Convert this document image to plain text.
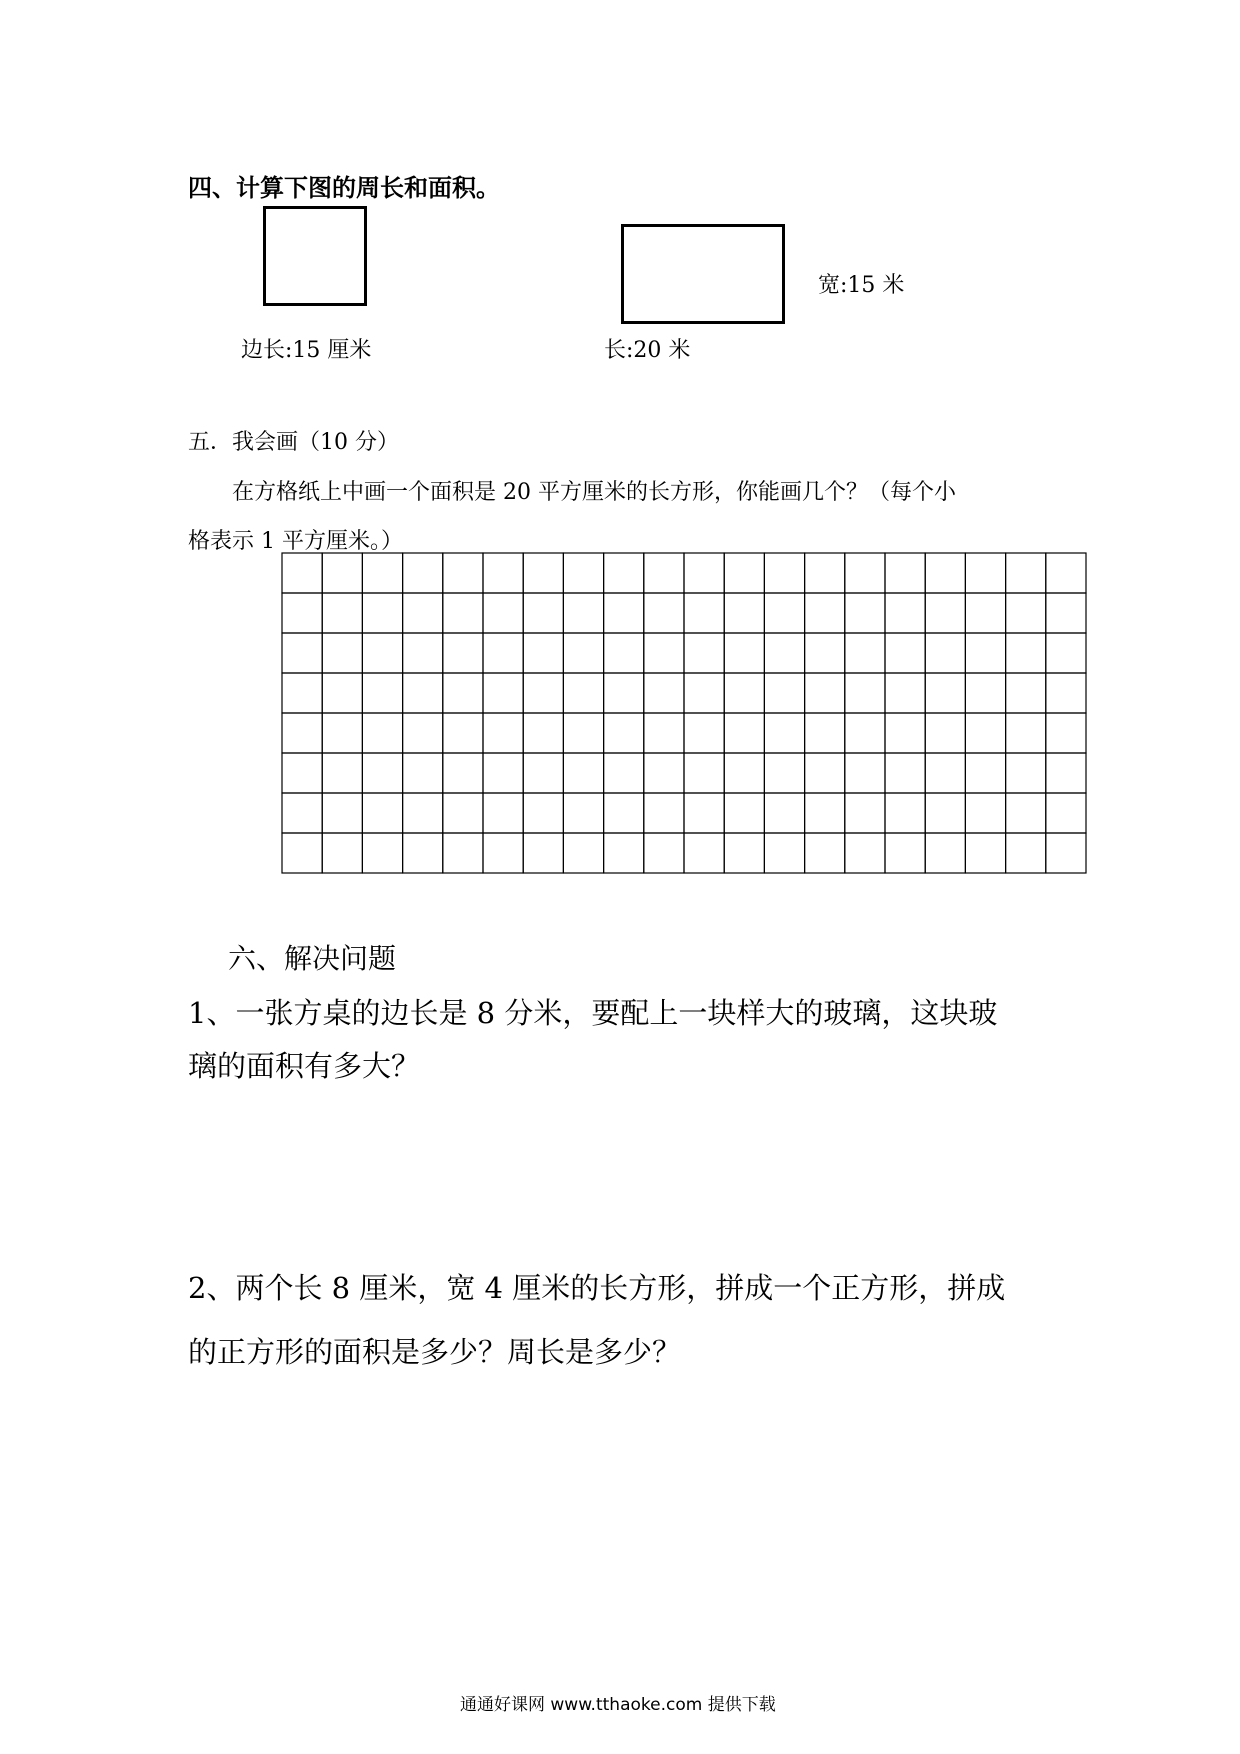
四、计算下图的周长和面积。
边长:15 厘米
宽:15 米
长:20 米
五．我会画（10 分）
在方格纸上中画一个面积是 20 平方厘米的长方形，你能画几个？（每个小
格表示 1 平方厘米。）
六、解决问题
1、一张方桌的边长是 8 分米，要配上一块样大的玻璃，这块玻
璃的面积有多大？
2、两个长 8 厘米，宽 4 厘米的长方形，拼成一个正方形，拼成
的正方形的面积是多少？周长是多少？
通通好课网 www.tthaoke.com 提供下载
